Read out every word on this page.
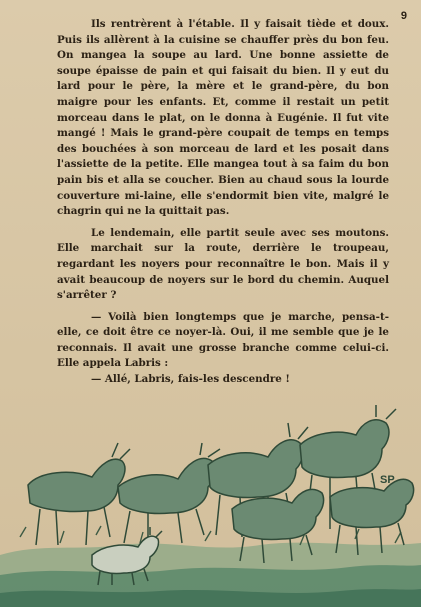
9

Ils rentrèrent à l'étable. Il y faisait tiède et doux. Puis ils allèrent à la cuisine se chauffer près du bon feu. On mangea la soupe au lard. Une bonne assiette de soupe épaisse de pain et qui faisait du bien. Il y eut du lard pour le père, la mère et le grand-père, du bon maigre pour les enfants. Et, comme il restait un petit morceau dans le plat, on le donna à Eugénie. Il fut vite mangé ! Mais le grand-père coupait de temps en temps des bouchées à son morceau de lard et les posait dans l'assiette de la petite. Elle mangea tout à sa faim du bon pain bis et alla se coucher. Bien au chaud sous la lourde couverture mi-laine, elle s'endormit bien vite, malgré le chagrin qui ne la quittait pas.

Le lendemain, elle partit seule avec ses moutons. Elle marchait sur la route, derrière le troupeau, regardant les noyers pour reconnaître le bon. Mais il y avait beaucoup de noyers sur le bord du chemin. Auquel s'arrêter ?

— Voilà bien longtemps que je marche, pensa-t-elle, ce doit être ce noyer-là. Oui, il me semble que je le reconnais. Il avait une grosse branche comme celui-ci. Elle appela Labris :

— Allé, Labris, fais-les descendre !

SP
